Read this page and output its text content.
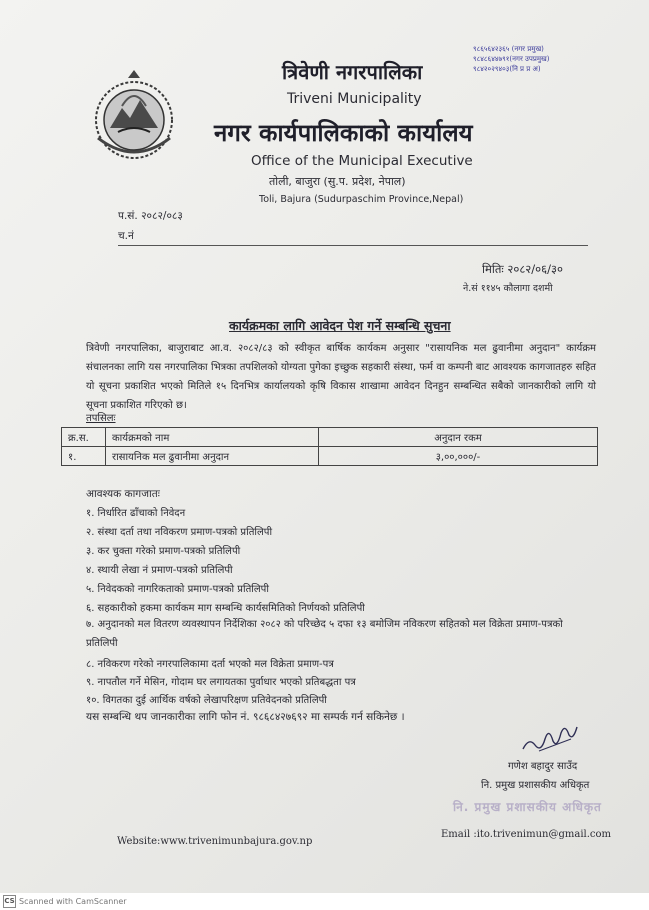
त्रिवेणी नगरपालिका
Triveni Municipality
नगर कार्यपालिकाको कार्यालय
Office of the Municipal Executive
तोली, बाजुरा (सु.प. प्रदेश, नेपाल)
Toli, Bajura (Sudurpaschim Province,Nepal)
९८६५६४२३६५ (नगर प्रमुख)
९८४८६४४७९१(नगर उपप्रमुख)
९८४२०२९४०३(नि प्र प्र अ)
प.सं. २०८२/०८३
च.नं
मितिः २०८२/०६/३०
ने.सं ११४५ कौलागा दशमी
कार्यक्रमका लागि आवेदन पेश गर्ने सम्बन्धि सुचना
त्रिवेणी नगरपालिका, बाजुराबाट आ.व. २०८२/८३ को स्वीकृत बार्षिक कार्यकम अनुसार "रासायनिक मल ढुवानीमा अनुदान" कार्यक्रम संचालनका लागि यस नगरपालिका भित्रका तपशिलको योग्यता पुगेका इच्छुक सहकारी संस्था, फर्म वा कम्पनी बाट आवश्यक कागजातहरु सहित यो सूचना प्रकाशित भएको मितिले १५ दिनभित्र कार्यालयको कृषि विकास शाखामा आवेदन दिनहुन सम्बन्धित सबैको जानकारीको लागि यो सूचना प्रकाशित गरिएको छ।
तपसिलः
क्र.स.	कार्यक्रमको नाम	अनुदान रकम
१.	रासायनिक मल ढुवानीमा अनुदान	३,००,०००/-
आवश्यक कागजातः
१. निर्धारित ढाँचाको निवेदन
२. संस्था दर्ता तथा नविकरण प्रमाण-पत्रको प्रतिलिपी
३. कर चुक्ता गरेको प्रमाण-पत्रको प्रतिलिपी
४. स्थायी लेखा नं प्रमाण-पत्रको प्रतिलिपी
५. निवेदकको नागरिकताको प्रमाण-पत्रको प्रतिलिपी
६. सहकारीको हकमा कार्यकम माग सम्बन्धि कार्यसमितिको निर्णयको प्रतिलिपी
७. अनुदानको मल वितरण व्यवस्थापन निर्देशिका २०८२ को परिच्छेद ५ दफा १३ बमोजिम नविकरण सहितको मल विक्रेता प्रमाण-पत्रको प्रतिलिपी
८. नविकरण गरेको नगरपालिकामा दर्ता भएको मल विक्रेता प्रमाण-पत्र
९. नापतौल गर्ने मेसिन, गोदाम घर लगायतका पुर्वाधार भएको प्रतिबद्धता पत्र
१०. विगतका दुई आर्थिक वर्षको लेखापरिक्षण प्रतिवेदनको प्रतिलिपी
यस सम्बन्धि थप जानकारीका लागि फोन नं. ९८६८४२७६९२ मा सम्पर्क गर्न सकिनेछ ।
गणेश बहादुर साउँद
नि. प्रमुख प्रशासकीय अधिकृत
नि. प्रमुख प्रशासकीय अधिकृत
Website:www.trivenimunbajura.gov.np
Email :ito.trivenimun@gmail.com
CS Scanned with CamScanner
